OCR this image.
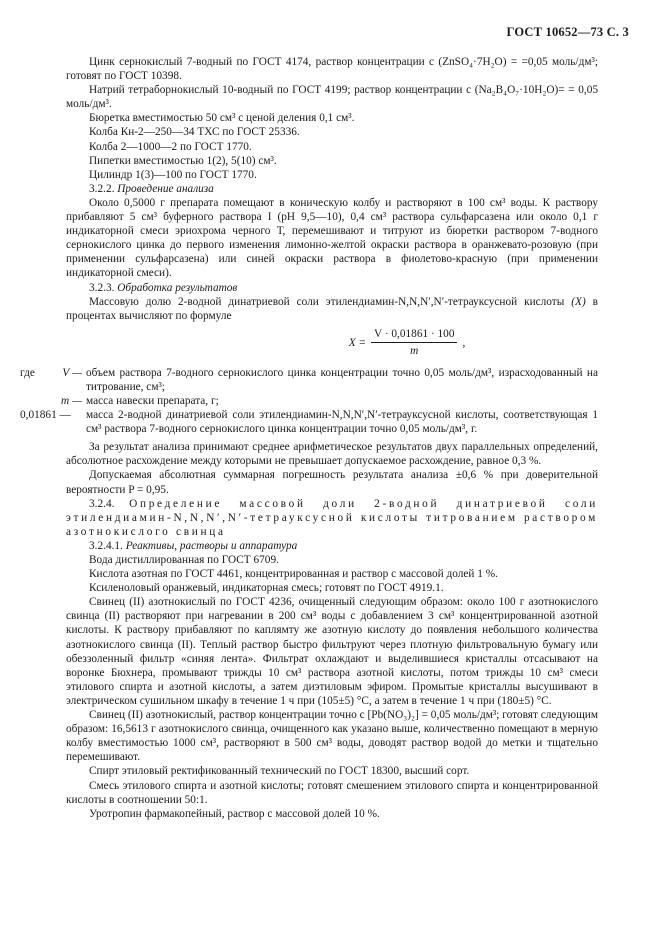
ГОСТ 10652—73 С. 3

Цинк сернокислый 7-водный по ГОСТ 4174, раствор концентрации с (ZnSO₄·7H₂O) = =0,05 моль/дм³; готовят по ГОСТ 10398.

Натрий тетраборнокислый 10-водный по ГОСТ 4199; раствор концентрации с (Na₂B₄O₇·10H₂O)= = 0,05 моль/дм³.

Бюретка вместимостью 50 см³ с ценой деления 0,1 см³.

Колба Кн-2—250—34 ТХС по ГОСТ 25336.

Колба 2—1000—2 по ГОСТ 1770.

Пипетки вместимостью 1(2), 5(10) см³.

Цилиндр 1(3)—100 по ГОСТ 1770.

3.2.2. Проведение анализа

Около 0,5000 г препарата помещают в коническую колбу и растворяют в 100 см³ воды. К раствору прибавляют 5 см³ буферного раствора I (pH 9,5—10), 0,4 см³ раствора сульфарсазена или около 0,1 г индикаторной смеси эриохрома черного Т, перемешивают и титруют из бюретки раствором 7-водного сернокислого цинка до первого изменения лимонно-желтой окраски раствора в оранжевато-розовую (при применении сульфарсазена) или синей окраски раствора в фиолетово-красную (при применении индикаторной смеси).

3.2.3. Обработка результатов

Массовую долю 2-водной динатриевой соли этилендиамин-N,N,N′,N′-тетрауксусной кислоты (X) в процентах вычисляют по формуле

$X = \frac{V \cdot 0,01861 \cdot 100}{m}$ ,
где	V —	объем раствора 7-водного сернокислого цинка концентрации точно 0,05 моль/дм³, израсходованный на титрование, см³;
	m —	масса навески препарата, г;
0,01861 —		масса 2-водной динатриевой соли этилендиамин-N,N,N′,N′-тетрауксусной кислоты, соответствующая 1 см³ раствора 7-водного сернокислого цинка концентрации точно 0,05 моль/дм³, г.

За результат анализа принимают среднее арифметическое результатов двух параллельных определений, абсолютное расхождение между которыми не превышает допускаемое расхождение, равное 0,3 %.

Допускаемая абсолютная суммарная погрешность результата анализа ±0,6 % при доверительной вероятности P = 0,95.

3.2.4. Определение массовой доли 2-водной динатриевой соли этилендиамин-N,N,N′,N′-тетрауксусной кислоты титрованием раствором азотнокислого свинца

3.2.4.1. Реактивы, растворы и аппаратура

Вода дистиллированная по ГОСТ 6709.

Кислота азотная по ГОСТ 4461, концентрированная и раствор с массовой долей 1 %.

Ксиленоловый оранжевый, индикаторная смесь; готовят по ГОСТ 4919.1.

Свинец (II) азотнокислый по ГОСТ 4236, очищенный следующим образом: около 100 г азотнокислого свинца (II) растворяют при нагревании в 200 см³ воды с добавлением 3 см³ концентрированной азотной кислоты. К раствору прибавляют по каплямту же азотную кислоту до появления небольшого количества азотнокислого свинца (II). Теплый раствор быстро фильтруют через плотную фильтровальную бумагу или обеззоленный фильтр «синяя лента». Фильтрат охлаждают и выделившиеся кристаллы отсасывают на воронке Бюхнера, промывают трижды 10 см³ раствора азотной кислоты, потом трижды 10 см³ смеси этилового спирта и азотной кислоты, а затем диэтиловым эфиром. Промытые кристаллы высушивают в электрическом сушильном шкафу в течение 1 ч при (105±5) °С, а затем в течение 1 ч при (180±5) °С.

Свинец (II) азотнокислый, раствор концентрации точно с [Pb(NO₃)₂] = 0,05 моль/дм³; готовят следующим образом: 16,5613 г азотнокислого свинца, очищенного как указано выше, количественно помещают в мерную колбу вместимостью 1000 см³, растворяют в 500 см³ воды, доводят раствор водой до метки и тщательно перемешивают.

Спирт этиловый ректификованный технический по ГОСТ 18300, высший сорт.

Смесь этилового спирта и азотной кислоты; готовят смешением этилового спирта и концентрированной кислоты в соотношении 50:1.

Уротропин фармакопейный, раствор с массовой долей 10 %.
